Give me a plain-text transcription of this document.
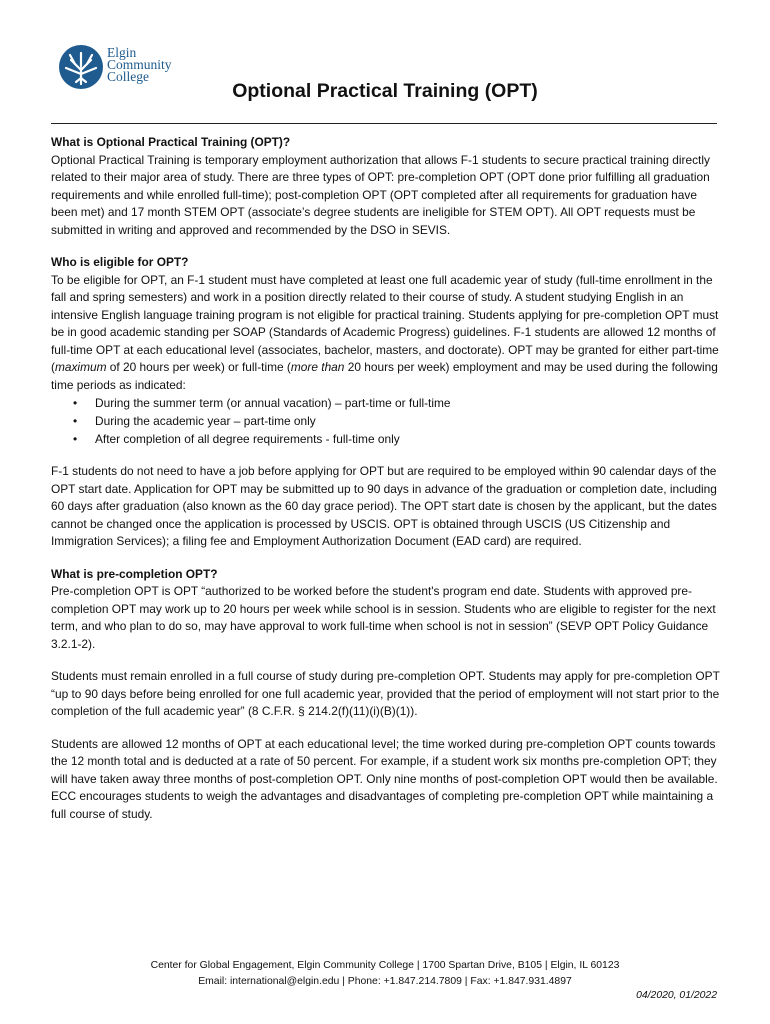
Elgin
Community
College
Optional Practical Training (OPT)
What is Optional Practical Training (OPT)?

Optional Practical Training is temporary employment authorization that allows F-1 students to secure practical training directly related to their major area of study. There are three types of OPT: pre-completion OPT (OPT done prior fulfilling all graduation requirements and while enrolled full-time); post-completion OPT (OPT completed after all requirements for graduation have been met) and 17 month STEM OPT (associate’s degree students are ineligible for STEM OPT). All OPT requests must be submitted in writing and approved and recommended by the DSO in SEVIS.

Who is eligible for OPT?

To be eligible for OPT, an F-1 student must have completed at least one full academic year of study (full-time enrollment in the fall and spring semesters) and work in a position directly related to their course of study. A student studying English in an intensive English language training program is not eligible for practical training. Students applying for pre-completion OPT must be in good academic standing per SOAP (Standards of Academic Progress) guidelines. F-1 students are allowed 12 months of full-time OPT at each educational level (associates, bachelor, masters, and doctorate). OPT may be granted for either part-time (maximum of 20 hours per week) or full-time (more than 20 hours per week) employment and may be used during the following time periods as indicated:

• During the summer term (or annual vacation) – part-time or full-time
• During the academic year – part-time only
• After completion of all degree requirements - full-time only

F-1 students do not need to have a job before applying for OPT but are required to be employed within 90 calendar days of the OPT start date. Application for OPT may be submitted up to 90 days in advance of the graduation or completion date, including 60 days after graduation (also known as the 60 day grace period). The OPT start date is chosen by the applicant, but the dates cannot be changed once the application is processed by USCIS. OPT is obtained through USCIS (US Citizenship and Immigration Services); a filing fee and Employment Authorization Document (EAD card) are required.

What is pre-completion OPT?

Pre-completion OPT is OPT “authorized to be worked before the student's program end date. Students with approved pre-completion OPT may work up to 20 hours per week while school is in session. Students who are eligible to register for the next term, and who plan to do so, may have approval to work full-time when school is not in session” (SEVP OPT Policy Guidance 3.2.1-2).

Students must remain enrolled in a full course of study during pre-completion OPT. Students may apply for pre-completion OPT “up to 90 days before being enrolled for one full academic year, provided that the period of employment will not start prior to the completion of the full academic year” (8 C.F.R. § 214.2(f)(11)(i)(B)(1)).

Students are allowed 12 months of OPT at each educational level; the time worked during pre-completion OPT counts towards the 12 month total and is deducted at a rate of 50 percent. For example, if a student work six months pre-completion OPT; they will have taken away three months of post-completion OPT. Only nine months of post-completion OPT would then be available. ECC encourages students to weigh the advantages and disadvantages of completing pre-completion OPT while maintaining a full course of study.

Center for Global Engagement, Elgin Community College | 1700 Spartan Drive, B105 | Elgin, IL 60123
Email: international@elgin.edu | Phone: +1.847.214.7809 | Fax: +1.847.931.4897
04/2020, 01/2022
